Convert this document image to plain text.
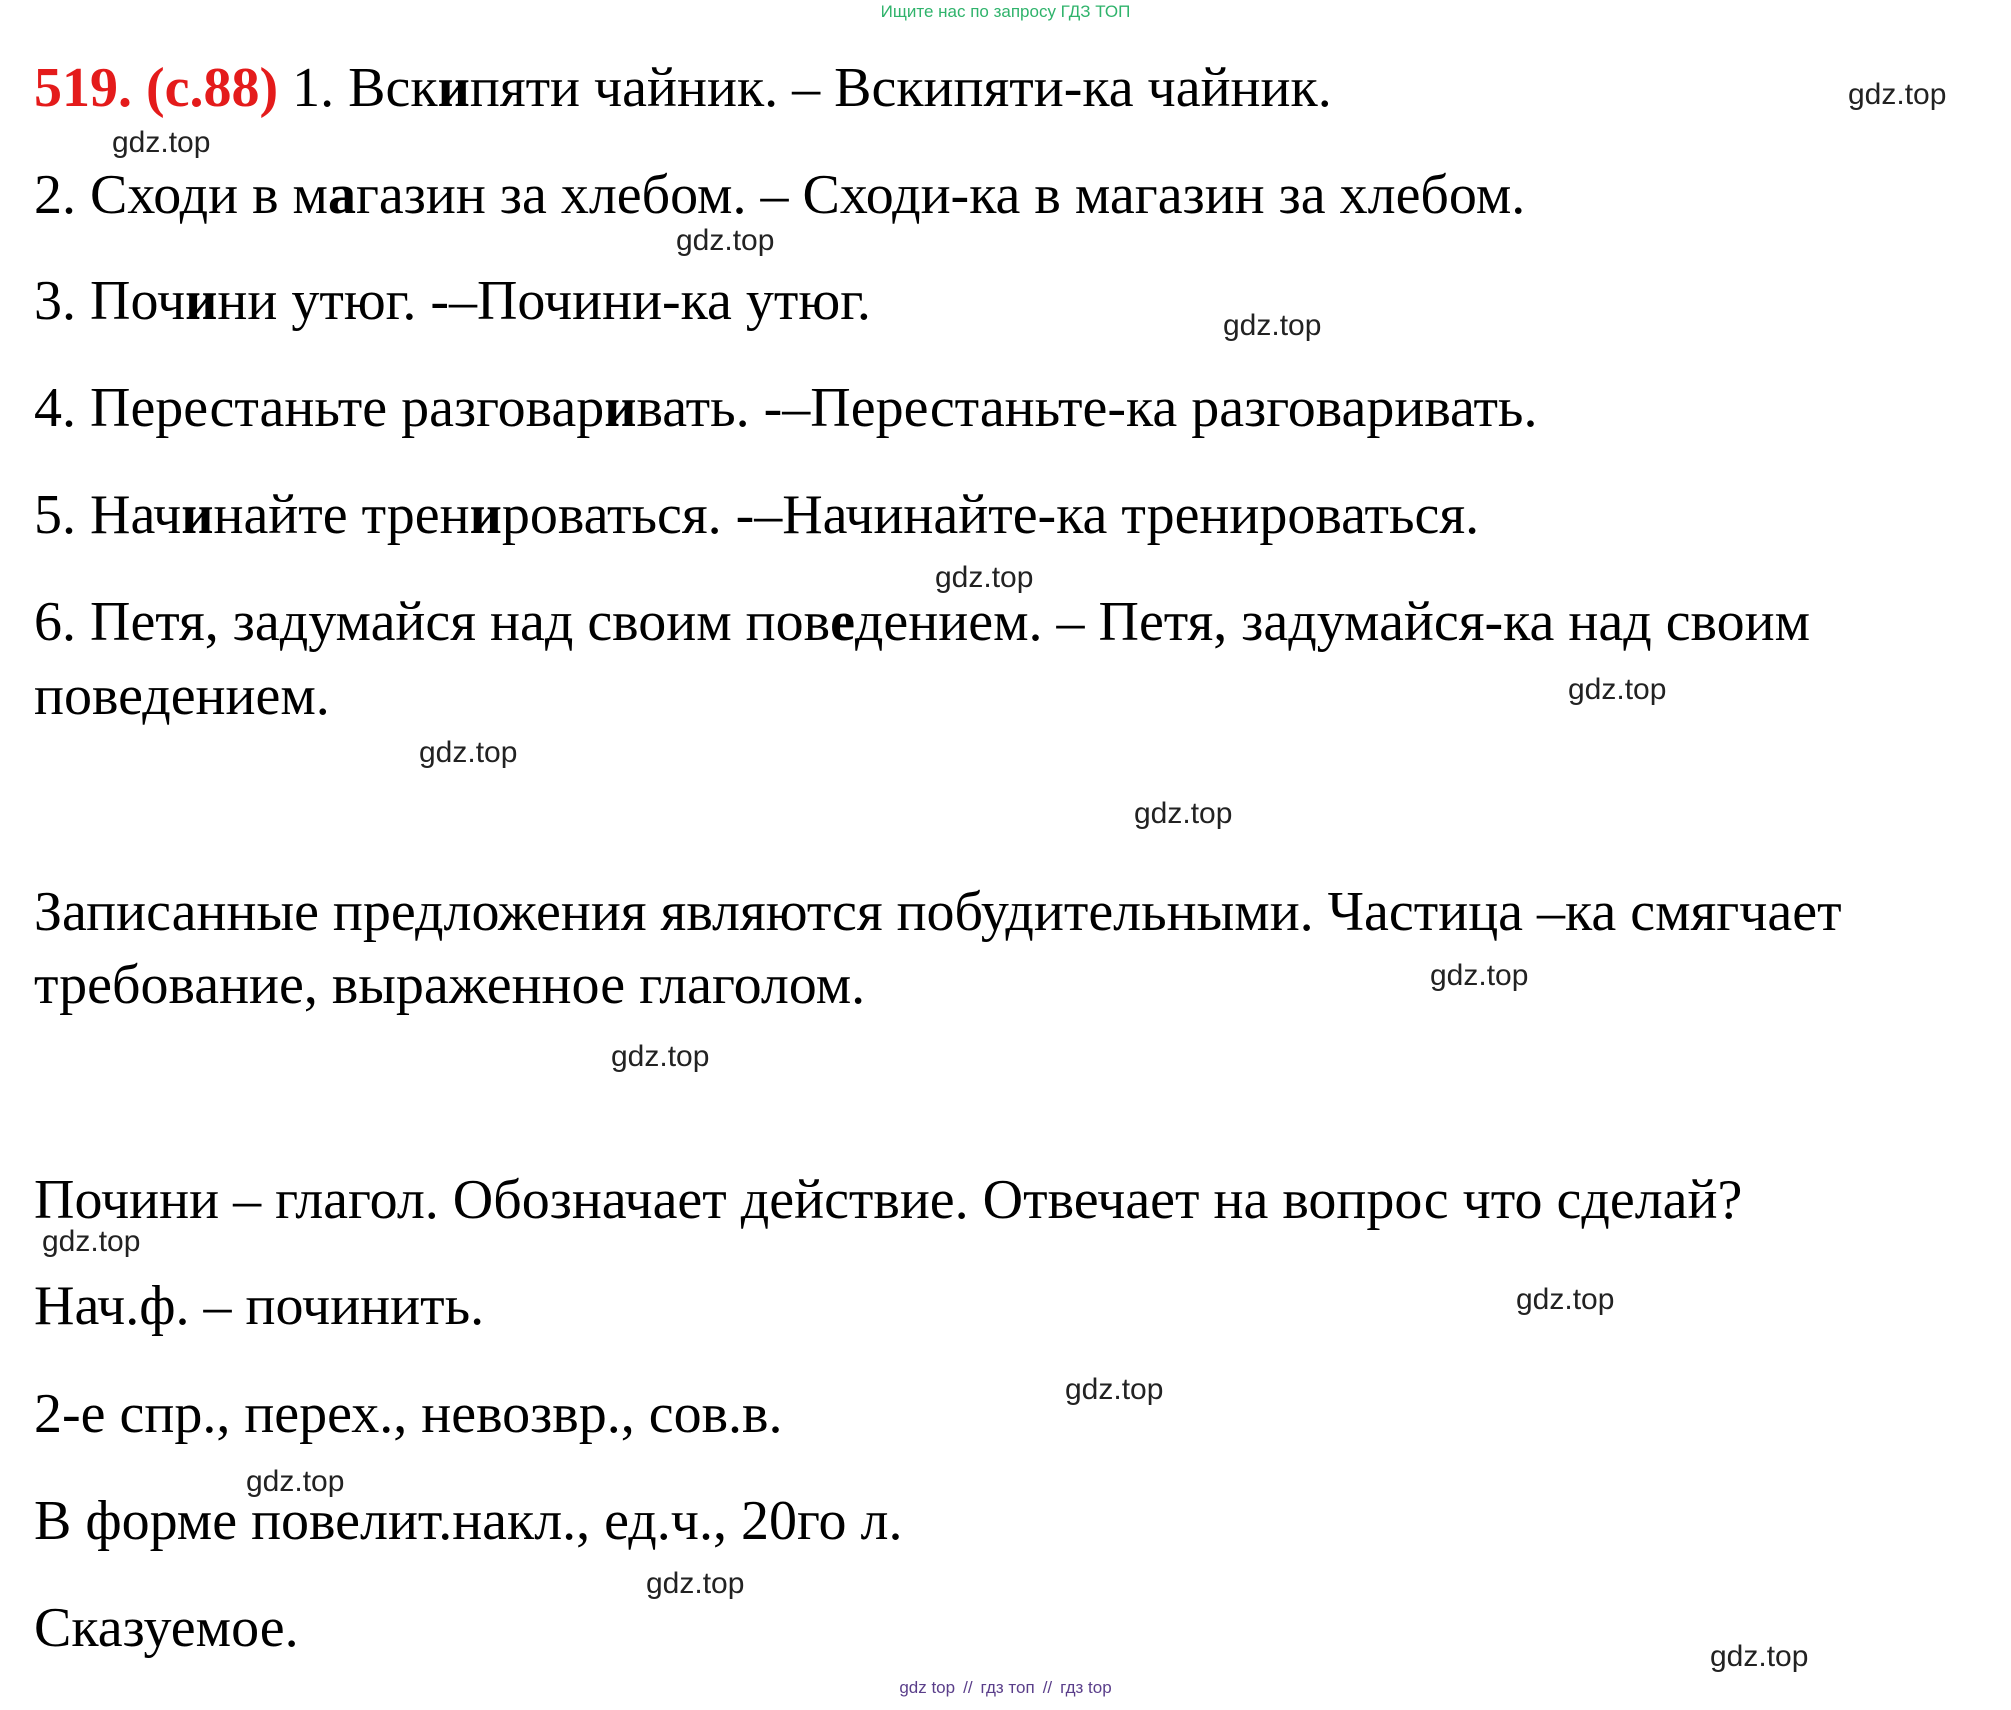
Ищите нас по запросу ГДЗ ТОП
519. (с.88) 1. Вскипяти чайник. – Вскипяти-ка чайник.
2. Сходи в магазин за хлебом. – Сходи-ка в магазин за хлебом.
3. Почини утюг. -–Почини-ка утюг.
4. Перестаньте разговаривать. -–Перестаньте-ка разговаривать.
5. Начинайте тренироваться. -–Начинайте-ка тренироваться.
6. Петя, задумайся над своим поведением. – Петя, задумайся-ка над своим
поведением.
Записанные предложения являются побудительными. Частица –ка смягчает
требование, выраженное глаголом.
Почини – глагол. Обозначает действие. Отвечает на вопрос что сделай?
Нач.ф. – починить.
2-е спр., перех., невозвр., сов.в.
В форме повелит.накл., ед.ч., 20го л.
Сказуемое.
gdz.top
gdz.top
gdz.top
gdz.top
gdz.top
gdz.top
gdz.top
gdz.top
gdz.top
gdz.top
gdz.top
gdz.top
gdz.top
gdz.top
gdz.top
gdz.top
gdz top // гдз топ // гдз top
